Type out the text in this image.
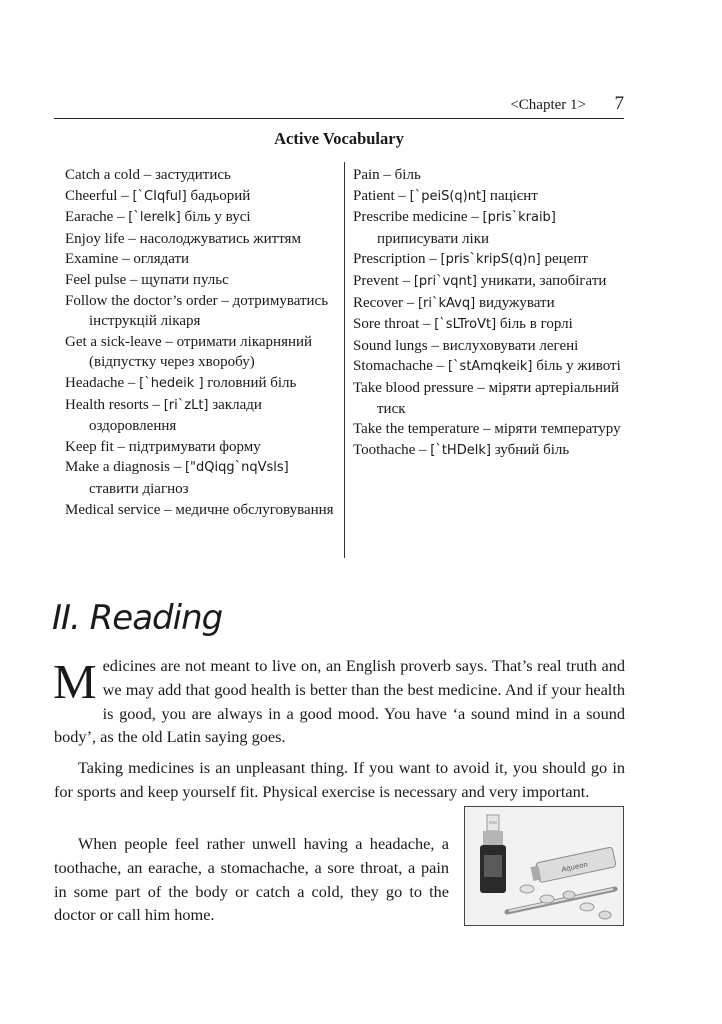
<Chapter 1> 7
Active Vocabulary
Catch a cold – застудитись
Cheerful – [`CIqful] бадьорий
Earache – [`lerelk] біль у вусі
Enjoy life – насолоджуватись життям
Examine – оглядати
Feel pulse – щупати пульс
Follow the doctor’s order – дотримуватись інструкцій лікаря
Get a sick-leave – отримати лікарняний (відпустку через хворобу)
Headache – [`hedeik ] головний біль
Health resorts – [ri`zLt] заклади оздоровлення
Keep fit – підтримувати форму
Make a diagnosis – ["dQiqg`nqVsls] ставити діагноз
Medical service – медичне обслуговування
Pain – біль
Patient – [`peiS(q)nt] пацієнт
Prescribe medicine – [pris`kraib] приписувати ліки
Prescription – [pris`kripS(q)n] рецепт
Prevent – [pri`vqnt] уникати, запобігати
Recover – [ri`kAvq] видужувати
Sore throat – [`sLTroVt] біль в горлі
Sound lungs – вислуховувати легені
Stomachache – [`stAmqkeik] біль у животі
Take blood pressure – міряти артеріальний тиск
Take the temperature – міряти температуру
Toothache – [`tHDelk] зубний біль
II. Reading

Medicines are not meant to live on, an English proverb says. That’s real truth and we may add that good health is better than the best medicine. And if your health is good, you are always in a good mood. You have ‘a sound mind in a sound body’, as the old Latin saying goes.

Taking medicines is an unpleasant thing. If you want to avoid it, you should go in for sports and keep yourself fit. Physical exercise is necessary and very important.

When people feel rather unwell having a headache, a toothache, an earache, a stomachache, a sore throat, a pain in some part of the body or catch a cold, they go to the doctor or call him home.

Aqueon
